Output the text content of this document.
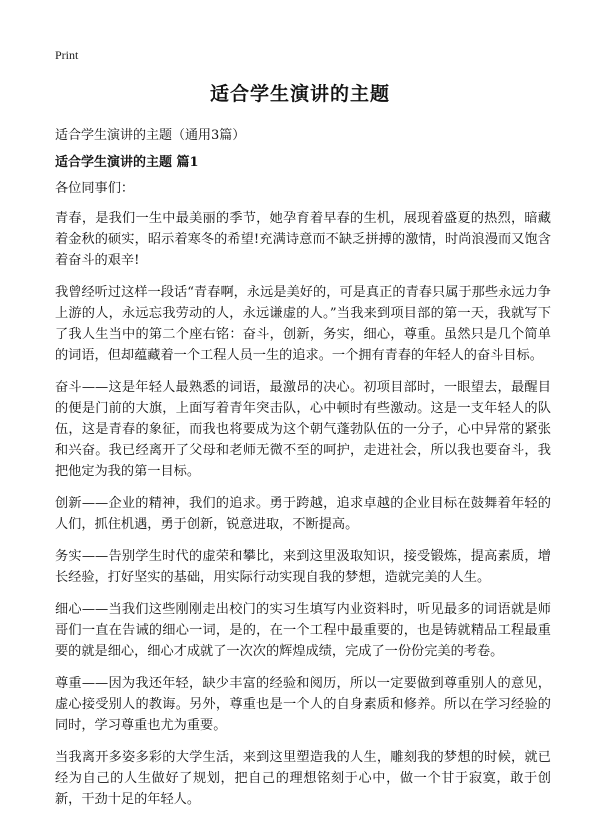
Print
适合学生演讲的主题

适合学生演讲的主题（通用3篇）

适合学生演讲的主题 篇1

各位同事们：

青春，是我们一生中最美丽的季节，她孕育着早春的生机，展现着盛夏的热烈，暗藏着金秋的硕实，昭示着寒冬的希望!充满诗意而不缺乏拼搏的激情，时尚浪漫而又饱含着奋斗的艰辛!

我曾经听过这样一段话“青春啊，永远是美好的，可是真正的青春只属于那些永远力争上游的人，永远忘我劳动的人，永远谦虚的人。”当我来到项目部的第一天，我就写下了我人生当中的第二个座右铭：奋斗，创新，务实，细心，尊重。虽然只是几个简单的词语，但却蕴藏着一个工程人员一生的追求。一个拥有青春的年轻人的奋斗目标。

奋斗——这是年轻人最熟悉的词语，最激昂的决心。初项目部时，一眼望去，最醒目的便是门前的大旗，上面写着青年突击队，心中顿时有些激动。这是一支年轻人的队伍，这是青春的象征，而我也将要成为这个朝气蓬勃队伍的一分子，心中异常的紧张和兴奋。我已经离开了父母和老师无微不至的呵护，走进社会，所以我也要奋斗，我把他定为我的第一目标。

创新——企业的精神，我们的追求。勇于跨越，追求卓越的企业目标在鼓舞着年轻的人们，抓住机遇，勇于创新，锐意进取，不断提高。

务实——告别学生时代的虚荣和攀比，来到这里汲取知识，接受锻炼，提高素质，增长经验，打好坚实的基础，用实际行动实现自我的梦想，造就完美的人生。

细心——当我们这些刚刚走出校门的实习生填写内业资料时，听见最多的词语就是师哥们一直在告诫的细心一词，是的，在一个工程中最重要的，也是铸就精品工程最重要的就是细心，细心才成就了一次次的辉煌成绩，完成了一份份完美的考卷。

尊重——因为我还年轻，缺少丰富的经验和阅历，所以一定要做到尊重别人的意见，虚心接受别人的教诲。另外，尊重也是一个人的自身素质和修养。所以在学习经验的同时，学习尊重也尤为重要。

当我离开多姿多彩的大学生活，来到这里塑造我的人生，雕刻我的梦想的时候，就已经为自己的人生做好了规划，把自己的理想铭刻于心中，做一个甘于寂寞，敢于创新，干劲十足的年轻人。
